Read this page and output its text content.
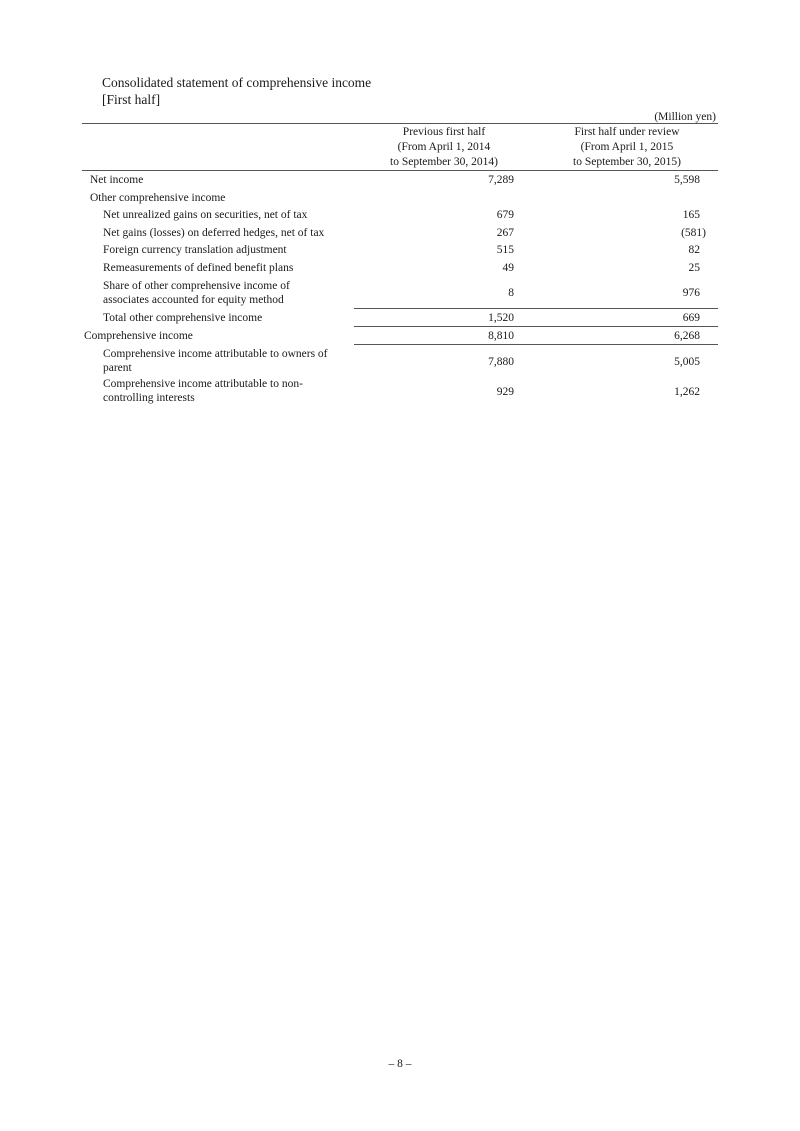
Consolidated statement of comprehensive income
[First half]
(Million yen)
Previous first half
(From April 1, 2014
to September 30, 2014)
First half under review
(From April 1, 2015
to September 30, 2015)
Net income	7,289	5,598
Other comprehensive income
Net unrealized gains on securities, net of tax	679	165
Net gains (losses) on deferred hedges, net of tax	267	(581)
Foreign currency translation adjustment	515	82
Remeasurements of defined benefit plans	49	25
Share of other comprehensive income of
associates accounted for equity method
8	976
Total other comprehensive income	1,520	669
Comprehensive income	8,810	6,268
Comprehensive income attributable to owners of
parent	7,880	5,005
Comprehensive income attributable to non-
controlling interests	929	1,262
– 8 –
